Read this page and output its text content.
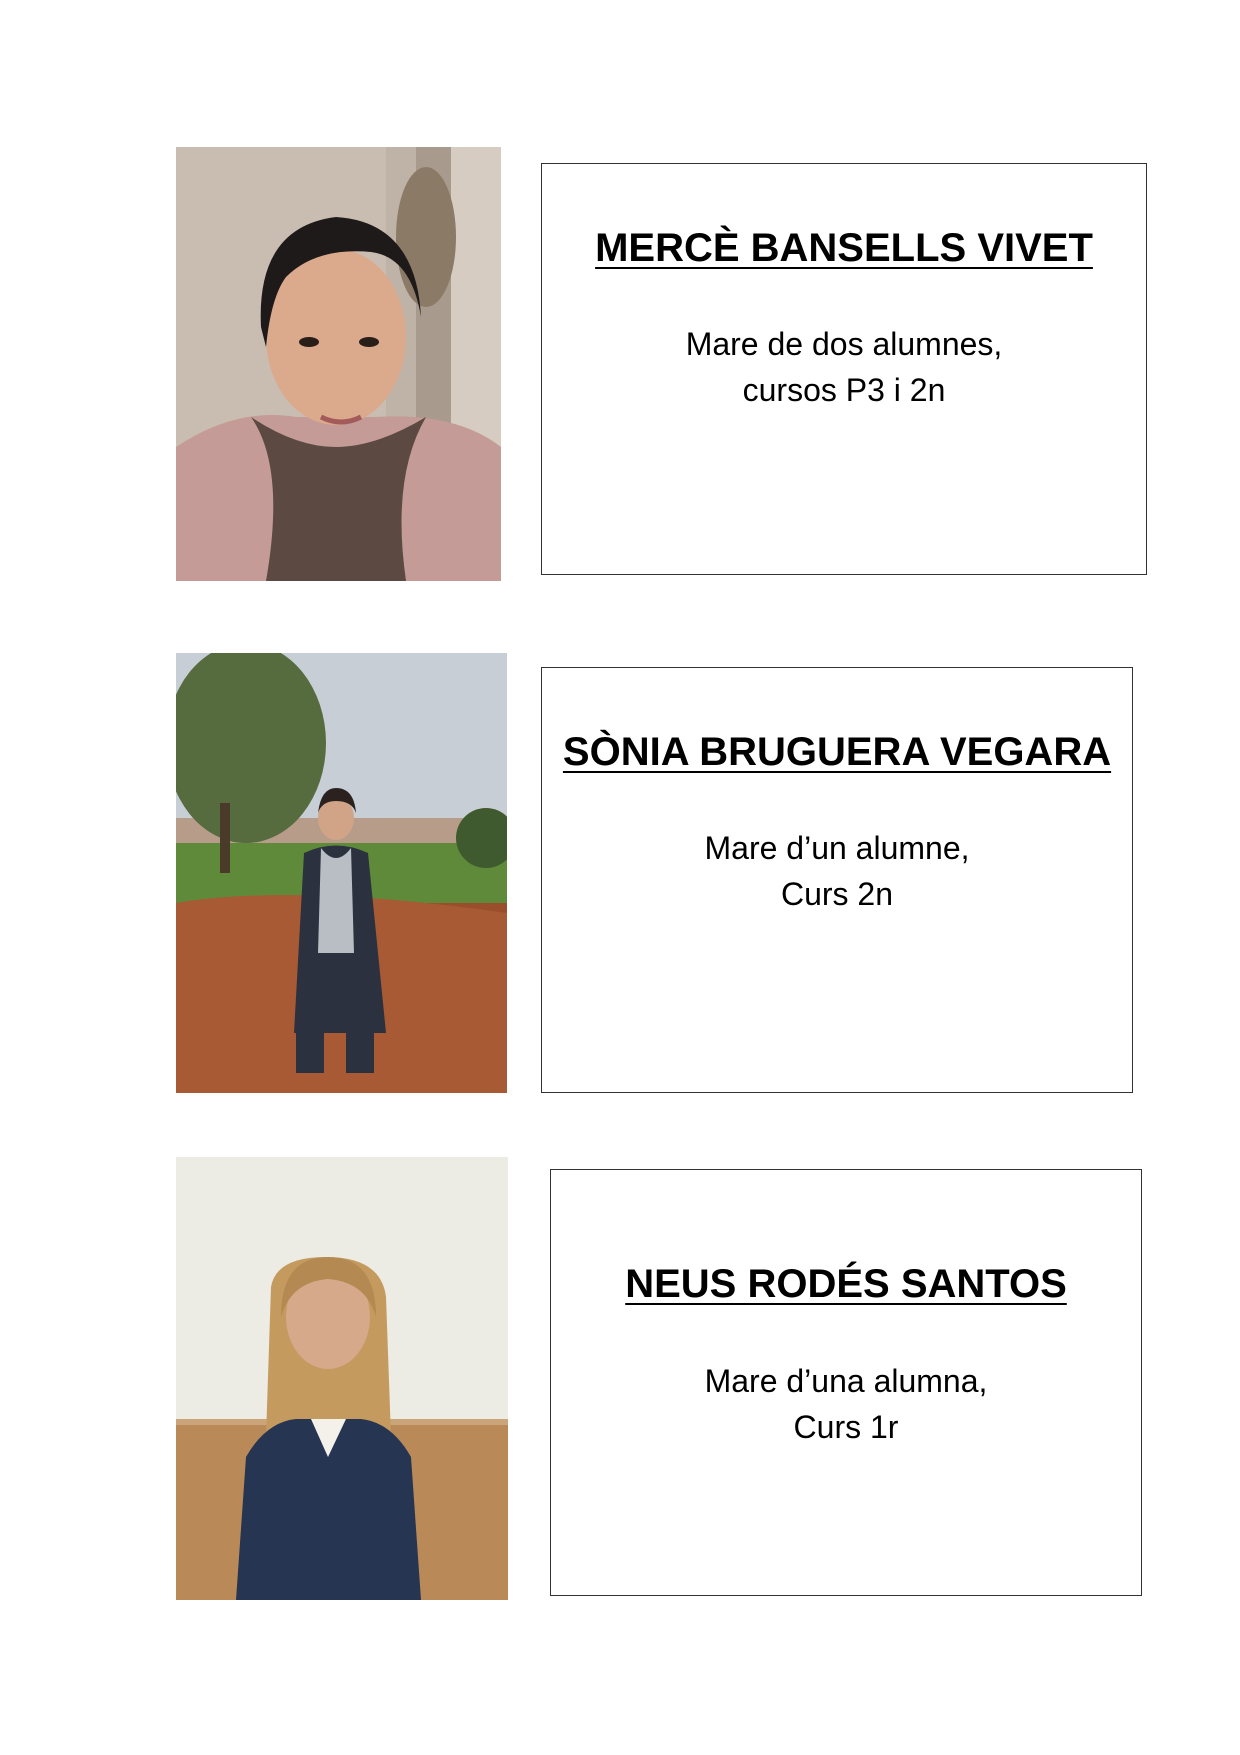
MERCÈ BANSELLS VIVET
Mare de dos alumnes,
cursos P3 i 2n
SÒNIA BRUGUERA VEGARA
Mare d’un alumne,
Curs 2n
NEUS RODÉS SANTOS
Mare d’una alumna,
Curs 1r
